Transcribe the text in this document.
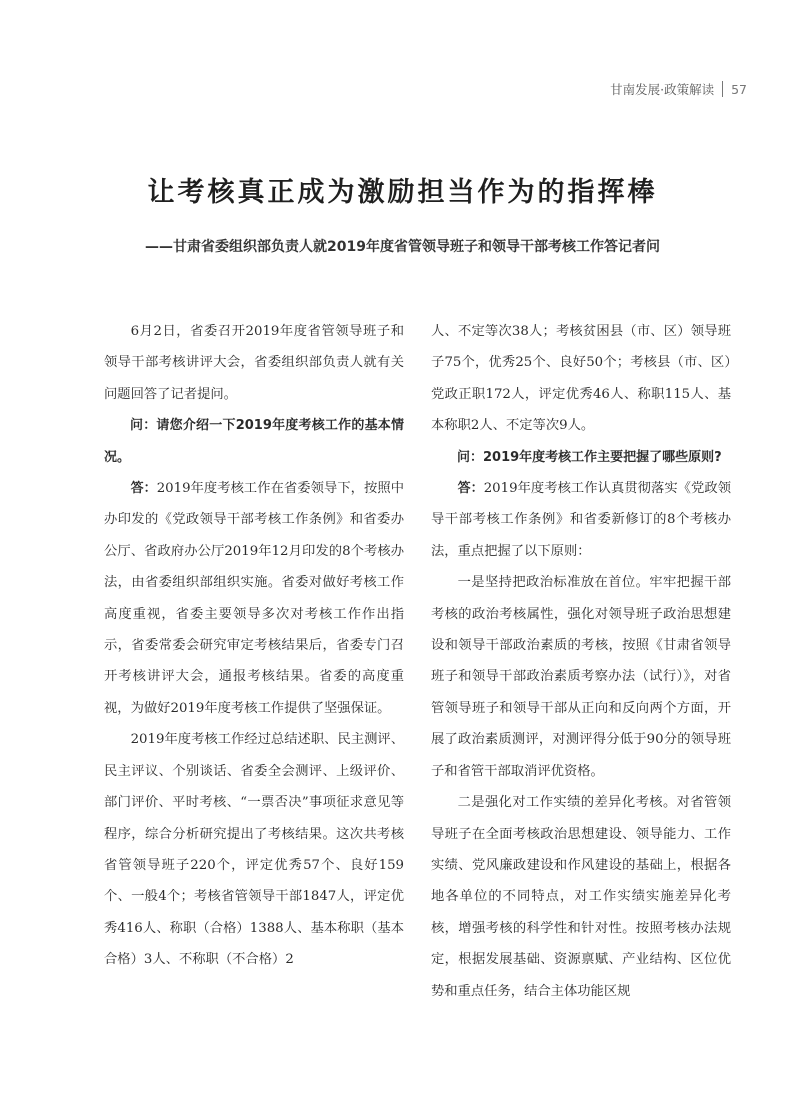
甘南发展·政策解读 57
让考核真正成为激励担当作为的指挥棒
——甘肃省委组织部负责人就2019年度省管领导班子和领导干部考核工作答记者问

6月2日，省委召开2019年度省管领导班子和领导干部考核讲评大会，省委组织部负责人就有关问题回答了记者提问。

问：请您介绍一下2019年度考核工作的基本情况。

答：2019年度考核工作在省委领导下，按照中办印发的《党政领导干部考核工作条例》和省委办公厅、省政府办公厅2019年12月印发的8个考核办法，由省委组织部组织实施。省委对做好考核工作高度重视，省委主要领导多次对考核工作作出指示，省委常委会研究审定考核结果后，省委专门召开考核讲评大会，通报考核结果。省委的高度重视，为做好2019年度考核工作提供了坚强保证。

2019年度考核工作经过总结述职、民主测评、民主评议、个别谈话、省委全会测评、上级评价、部门评价、平时考核、“一票否决”事项征求意见等程序，综合分析研究提出了考核结果。这次共考核省管领导班子220个，评定优秀57个、良好159个、一般4个；考核省管领导干部1847人，评定优秀416人、称职（合格）1388人、基本称职（基本合格）3人、不称职（不合格）2

人、不定等次38人；考核贫困县（市、区）领导班子75个，优秀25个、良好50个；考核县（市、区）党政正职172人，评定优秀46人、称职115人、基本称职2人、不定等次9人。

问：2019年度考核工作主要把握了哪些原则?

答：2019年度考核工作认真贯彻落实《党政领导干部考核工作条例》和省委新修订的8个考核办法，重点把握了以下原则：

一是坚持把政治标准放在首位。牢牢把握干部考核的政治考核属性，强化对领导班子政治思想建设和领导干部政治素质的考核，按照《甘肃省领导班子和领导干部政治素质考察办法（试行）》，对省管领导班子和领导干部从正向和反向两个方面，开展了政治素质测评，对测评得分低于90分的领导班子和省管干部取消评优资格。

二是强化对工作实绩的差异化考核。对省管领导班子在全面考核政治思想建设、领导能力、工作实绩、党风廉政建设和作风建设的基础上，根据各地各单位的不同特点，对工作实绩实施差异化考核，增强考核的科学性和针对性。按照考核办法规定，根据发展基础、资源禀赋、产业结构、区位优势和重点任务，结合主体功能区规
